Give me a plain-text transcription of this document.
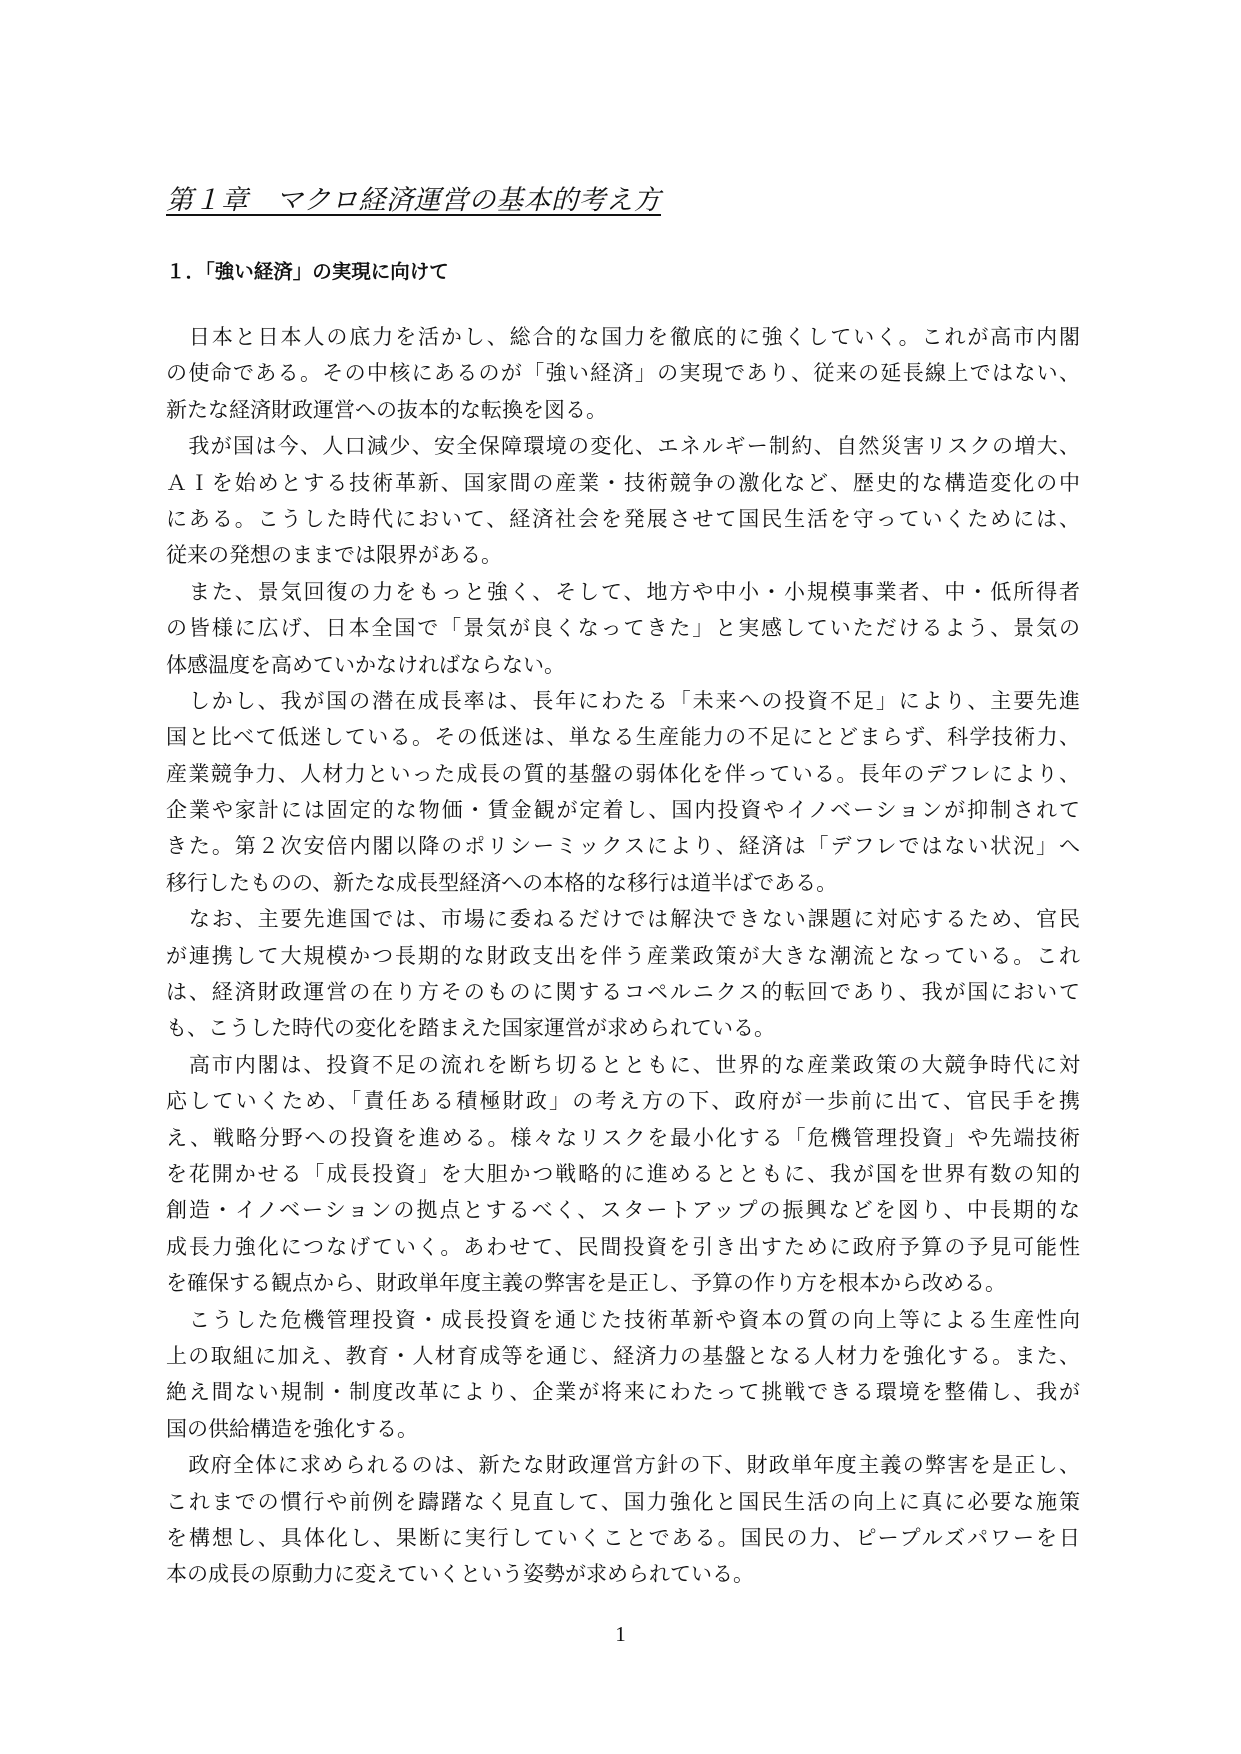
第１章　マクロ経済運営の基本的考え方
１．「強い経済」の実現に向けて
　日本と日本人の底力を活かし、総合的な国力を徹底的に強くしていく。これが高市内閣
の使命である。その中核にあるのが「強い経済」の実現であり、従来の延長線上ではない、
新たな経済財政運営への抜本的な転換を図る。
　我が国は今、人口減少、安全保障環境の変化、エネルギー制約、自然災害リスクの増大、
ＡＩを始めとする技術革新、国家間の産業・技術競争の激化など、歴史的な構造変化の中
にある。こうした時代において、経済社会を発展させて国民生活を守っていくためには、
従来の発想のままでは限界がある。
　また、景気回復の力をもっと強く、そして、地方や中小・小規模事業者、中・低所得者
の皆様に広げ、日本全国で「景気が良くなってきた」と実感していただけるよう、景気の
体感温度を高めていかなければならない。
　しかし、我が国の潜在成長率は、長年にわたる「未来への投資不足」により、主要先進
国と比べて低迷している。その低迷は、単なる生産能力の不足にとどまらず、科学技術力、
産業競争力、人材力といった成長の質的基盤の弱体化を伴っている。長年のデフレにより、
企業や家計には固定的な物価・賃金観が定着し、国内投資やイノベーションが抑制されて
きた。第２次安倍内閣以降のポリシーミックスにより、経済は「デフレではない状況」へ
移行したものの、新たな成長型経済への本格的な移行は道半ばである。
　なお、主要先進国では、市場に委ねるだけでは解決できない課題に対応するため、官民
が連携して大規模かつ長期的な財政支出を伴う産業政策が大きな潮流となっている。これ
は、経済財政運営の在り方そのものに関するコペルニクス的転回であり、我が国において
も、こうした時代の変化を踏まえた国家運営が求められている。
　高市内閣は、投資不足の流れを断ち切るとともに、世界的な産業政策の大競争時代に対
応していくため、「責任ある積極財政」の考え方の下、政府が一歩前に出て、官民手を携
え、戦略分野への投資を進める。様々なリスクを最小化する「危機管理投資」や先端技術
を花開かせる「成長投資」を大胆かつ戦略的に進めるとともに、我が国を世界有数の知的
創造・イノベーションの拠点とするべく、スタートアップの振興などを図り、中長期的な
成長力強化につなげていく。あわせて、民間投資を引き出すために政府予算の予見可能性
を確保する観点から、財政単年度主義の弊害を是正し、予算の作り方を根本から改める。
　こうした危機管理投資・成長投資を通じた技術革新や資本の質の向上等による生産性向
上の取組に加え、教育・人材育成等を通じ、経済力の基盤となる人材力を強化する。また、
絶え間ない規制・制度改革により、企業が将来にわたって挑戦できる環境を整備し、我が
国の供給構造を強化する。
　政府全体に求められるのは、新たな財政運営方針の下、財政単年度主義の弊害を是正し、
これまでの慣行や前例を躊躇なく見直して、国力強化と国民生活の向上に真に必要な施策
を構想し、具体化し、果断に実行していくことである。国民の力、ピープルズパワーを日
本の成長の原動力に変えていくという姿勢が求められている。
1
